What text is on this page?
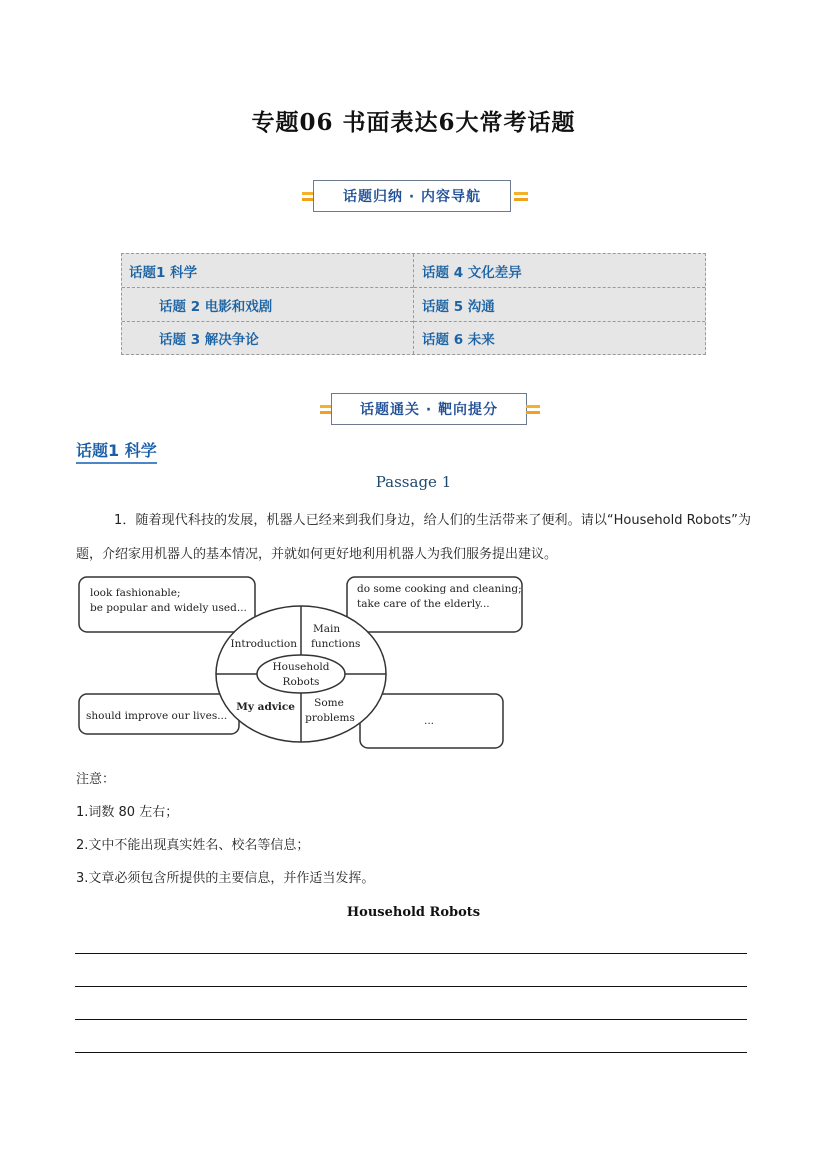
专题06 书面表达6大常考话题
话题归纳 · 内容导航
话题1 科学
话题 2 电影和戏剧
话题 3 解决争论
话题 4 文化差异
话题 5 沟通
话题 6 未来
话题通关 · 靶向提分
话题1 科学
Passage 1
1．随着现代科技的发展，机器人已经来到我们身边，给人们的生活带来了便利。请以“Household Robots”为题，介绍家用机器人的基本情况，并就如何更好地利用机器人为我们服务提出建议。
Household
Robots
Introduction
Main
functions
My advice Some
problems
look fashionable;
be popular and widely used...
do some cooking and cleaning;
take care of the elderly...
should improve our lives...	...
注意：
1.词数 80 左右；
2.文中不能出现真实姓名、校名等信息；
3.文章必须包含所提供的主要信息，并作适当发挥。
Household Robots
